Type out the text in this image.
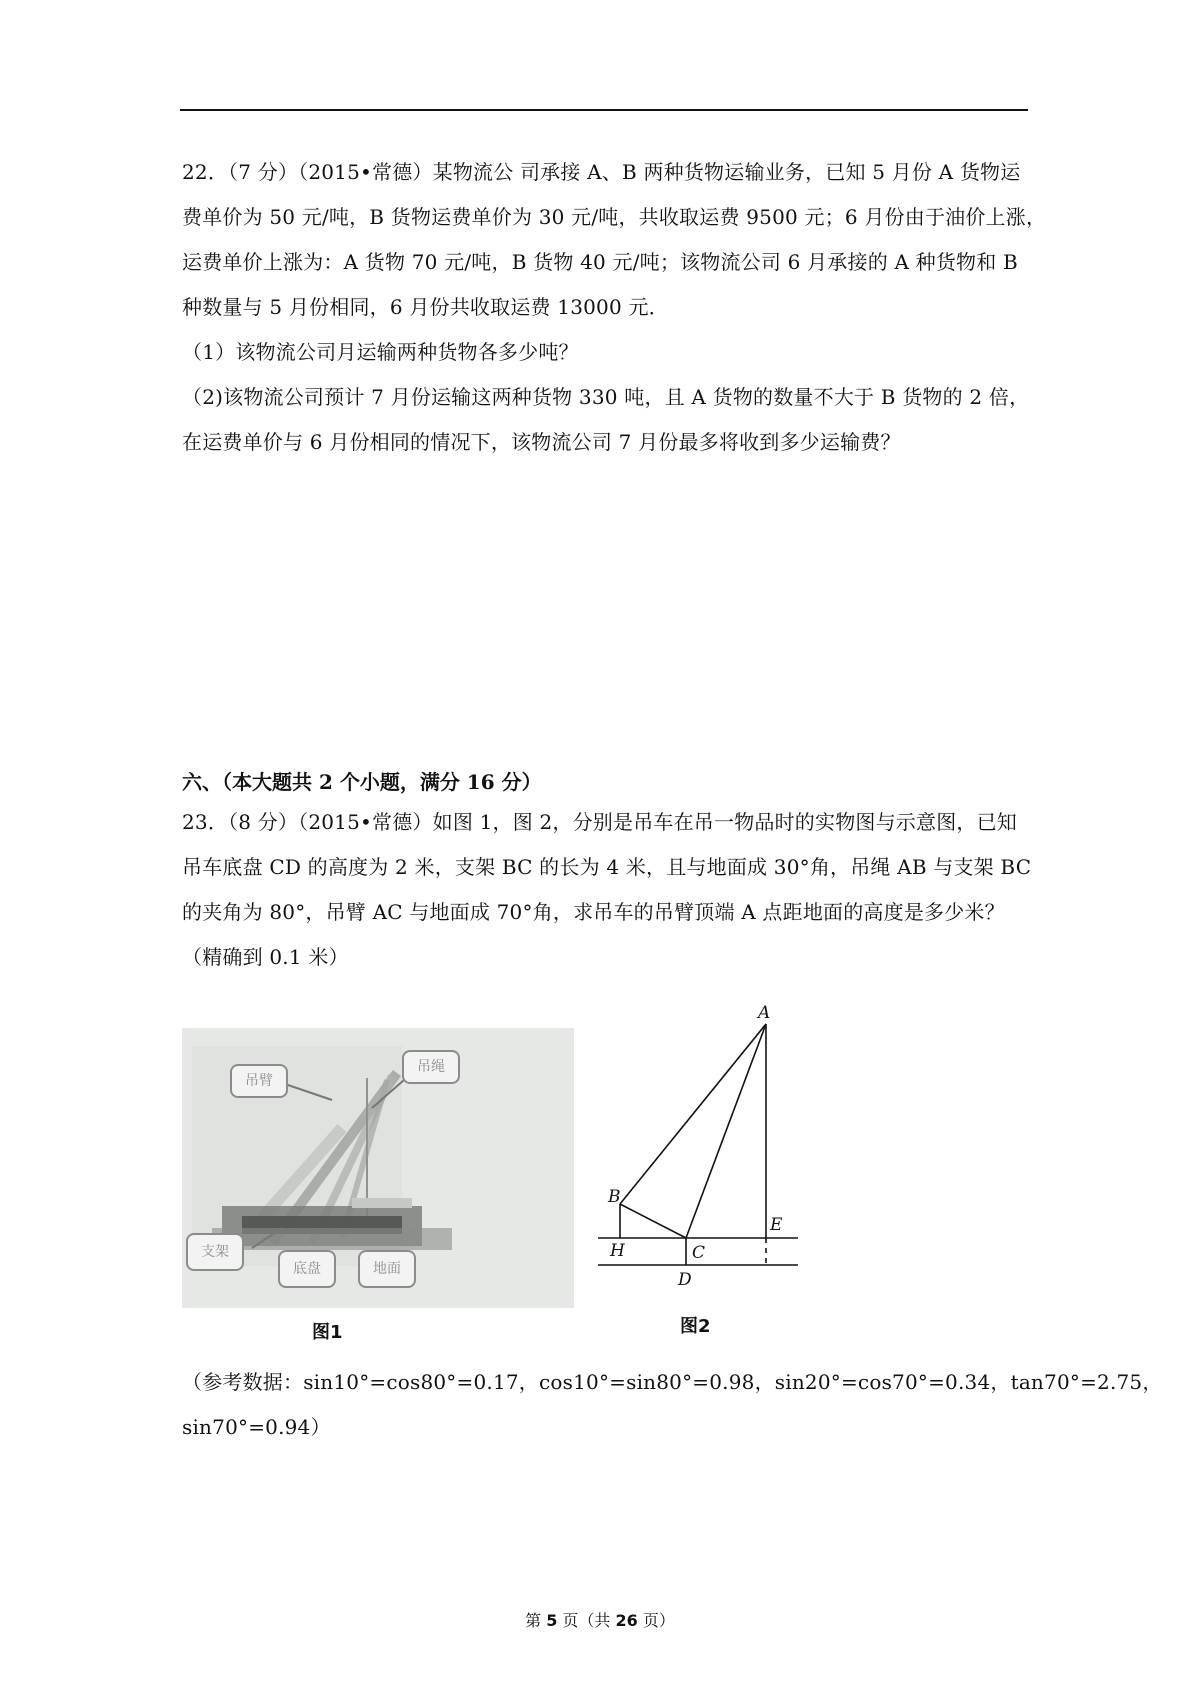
22．（7 分）（2015•常德）某物流公 司承接 A、B 两种货物运输业务，已知 5 月份 A 货物运
费单价为 50 元/吨，B 货物运费单价为 30 元/吨，共收取运费 9500 元；6 月份由于油价上涨，
运费单价上涨为：A 货物 70 元/吨，B 货物 40 元/吨；该物流公司 6 月承接的 A 种货物和 B
种数量与 5 月份相同，6 月份共收取运费 13000 元．
（1）该物流公司月运输两种货物各多少吨？
（2)该物流公司预计 7 月份运输这两种货物 330 吨，且 A 货物的数量不大于 B 货物的 2 倍，
在运费单价与 6 月份相同的情况下，该物流公司 7 月份最多将收到多少运输费？

六、（本大题共 2 个小题，满分 16 分）

23．（8 分）（2015•常德）如图 1，图 2，分别是吊车在吊一物品时的实物图与示意图，已知
吊车底盘 CD 的高度为 2 米，支架 BC 的长为 4 米，且与地面成 30°角，吊绳 AB 与支架 BC
的夹角为 80°，吊臂 AC 与地面成 70°角，求吊车的吊臂顶端 A 点距地面的高度是多少米？
（精确到 0.1 米）
吊臂
吊绳
支架
底盘	地面
图1
A
B
C
D
E
H
图2
（参考数据：sin10°=cos80°=0.17，cos10°=sin80°=0.98，sin20°=cos70°=0.34，tan70°=2.75，
sin70°=0.94）
第 5 页（共 26 页）
